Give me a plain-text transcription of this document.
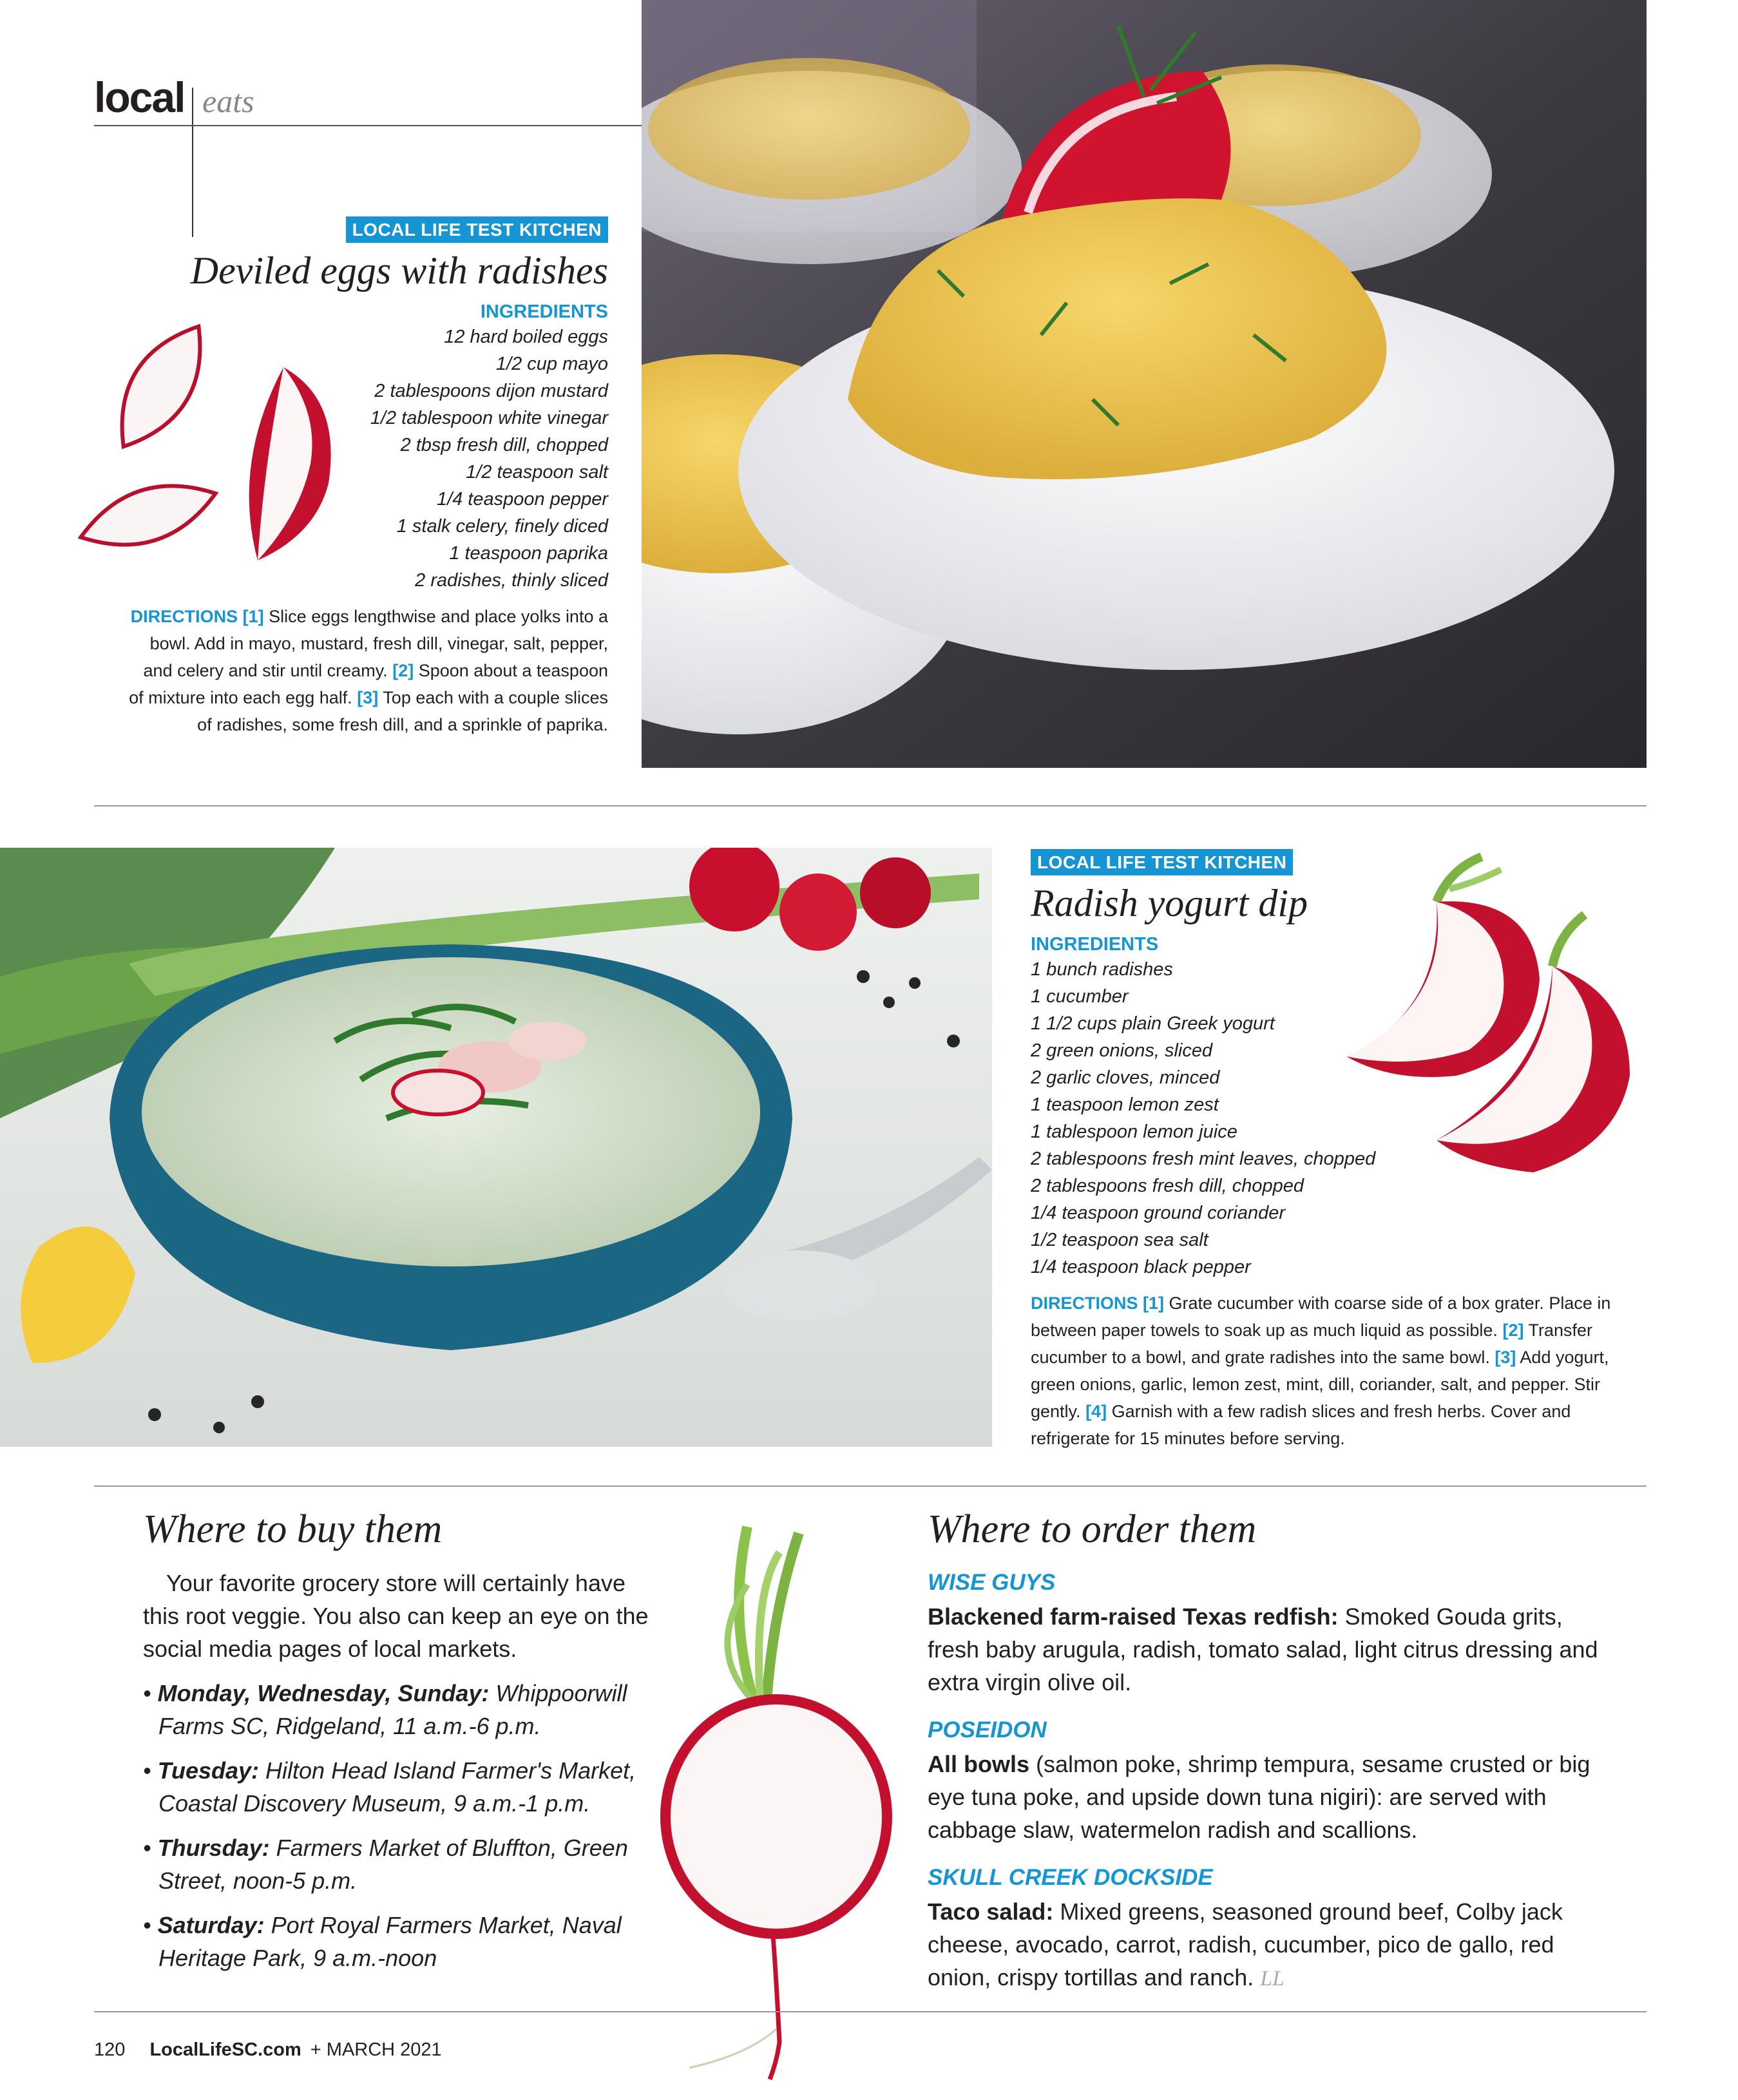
local eats
LOCAL LIFE TEST KITCHEN
Deviled eggs with radishes
INGREDIENTS
12 hard boiled eggs
1/2 cup mayo
2 tablespoons dijon mustard
1/2 tablespoon white vinegar
2 tbsp fresh dill, chopped
1/2 teaspoon salt
1/4 teaspoon pepper
1 stalk celery, finely diced
1 teaspoon paprika
2 radishes, thinly sliced

DIRECTIONS [1] Slice eggs lengthwise and place yolks into a bowl. Add in mayo, mustard, fresh dill, vinegar, salt, pepper, and celery and stir until creamy. [2] Spoon about a teaspoon of mixture into each egg half. [3] Top each with a couple slices of radishes, some fresh dill, and a sprinkle of paprika.

LOCAL LIFE TEST KITCHEN
Radish yogurt dip
INGREDIENTS
1 bunch radishes
1 cucumber
1 1/2 cups plain Greek yogurt
2 green onions, sliced
2 garlic cloves, minced
1 teaspoon lemon zest
1 tablespoon lemon juice
2 tablespoons fresh mint leaves, chopped
2 tablespoons fresh dill, chopped
1/4 teaspoon ground coriander
1/2 teaspoon sea salt
1/4 teaspoon black pepper

DIRECTIONS [1] Grate cucumber with coarse side of a box grater. Place in between paper towels to soak up as much liquid as possible. [2] Transfer cucumber to a bowl, and grate radishes into the same bowl. [3] Add yogurt, green onions, garlic, lemon zest, mint, dill, coriander, salt, and pepper. Stir gently. [4] Garnish with a few radish slices and fresh herbs. Cover and refrigerate for 15 minutes before serving.

Where to buy them

Your favorite grocery store will certainly have this root veggie. You also can keep an eye on the social media pages of local markets.

• Monday, Wednesday, Sunday: Whippoorwill Farms SC, Ridgeland, 11 a.m.-6 p.m.
• Tuesday: Hilton Head Island Farmer's Market, Coastal Discovery Museum, 9 a.m.-1 p.m.
• Thursday: Farmers Market of Bluffton, Green Street, noon-5 p.m.
• Saturday: Port Royal Farmers Market, Naval Heritage Park, 9 a.m.-noon
Where to order them
WISE GUYS

Blackened farm-raised Texas redfish: Smoked Gouda grits, fresh baby arugula, radish, tomato salad, light citrus dressing and extra virgin olive oil.

POSEIDON

All bowls (salmon poke, shrimp tempura, sesame crusted or big eye tuna poke, and upside down tuna nigiri): are served with cabbage slaw, watermelon radish and scallions.

SKULL CREEK DOCKSIDE

Taco salad: Mixed greens, seasoned ground beef, Colby jack cheese, avocado, carrot, radish, cucumber, pico de gallo, red onion, crispy tortillas and ranch. LL

120 LocalLifeSC.com + MARCH 2021
